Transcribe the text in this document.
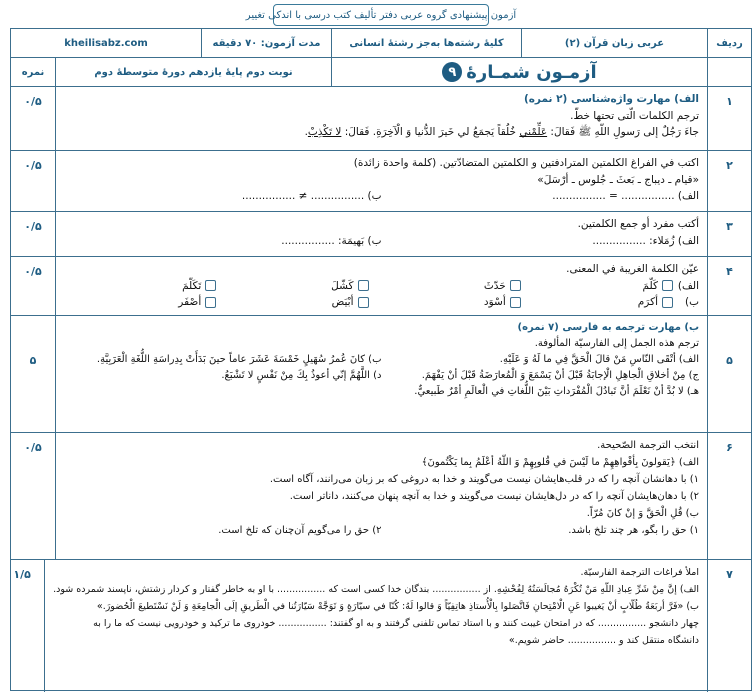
آزمون پیشنهادی گروه عربی دفتر تألیف کتب درسی با اندکی تغییر
ردیف
عربی زبان قرآن (۲)
کلیهٔ رشته‌ها به‌جز رشتهٔ انسانی
مدت آزمون: ۷۰ دقیقه
kheilisabz.com
آزمـون شمـارهٔ
۹
نوبت دوم پایهٔ یازدهم دورهٔ متوسطهٔ دوم
نمره
۱
الف) مهارت واژه‌شناسی (۲ نمره)
ترجم الکلمات الّتی تحتها خطّ.
جاءَ رَجُلٌ إلى رَسولِ اللّهِ ﷺ فَقالَ: عَلِّمْني خُلُقاً يَجمَعُ لي خَيرَ الدُّنيا وَ الْآخِرَةِ. فَقالَ: لا تَكْذِبْ.
۰/۵
۲
اکتب في الفراغ الکلمتین المترادفتین و الکلمتین المتضادّتین. (کلمة واحدة زائدة)
«قیام ـ دیباج ـ بَعثَ ـ جُلوس ـ أرْسَلَ»
الف) ................ = ................
ب) ................ ≠ ................
۰/۵
۳
أکتب مفرد أو جمع الکلمتین.
الف) زُمَلاء: ................
ب) بَهیمَة: ................
۰/۵
۴
عیّن الکلمة الغریبة في المعنی.
الف)
كَلّمَ
حَدّثَ
كَشّلَ
تَكَلّمَ
ب)
أكرَم
أسْوَد
أبْيَض
أصْفَر
۰/۵
۵
ب) مهارت ترجمه به فارسی (۷ نمره)
ترجم هذه الجمل إلی الفارسیّة المألوفة.
الف) أتْقَى النّاسِ مَنْ قالَ الْحَقَّ فِي ما لَهُ وَ عَلَيْهِ.
ب) كانَ عُمرُ سُهَيلٍ خَمْسَةَ عَشَرَ عاماً حينَ بَدَأَتْ بِدِراسَةِ اللُّغَةِ الْعَرَبِيَّةِ.
ج) مِنْ أخلاقِ الْجاهِلِ الْإجابَةُ قَبْلَ أنْ يَسْمَعَ وَ الْمُعارَضَةُ قَبْلَ أنْ يَفْهَمَ.
د) اللَّهُمَّ إنّي أعوذُ بِكَ مِنْ نَفْسٍ لا تَشْبَعُ.
هـ) لا بُدَّ أنْ نَعْلَمَ أنَّ تَبادُلَ الْمُفْرَداتِ بَيْنَ اللُّغاتِ في الْعالَمِ أمْرٌ طَبيعيٌّ.
۵
۶
انتخب الترجمة الصّحیحة.
الف) ﴿يَقولونَ بِأفْواهِهِمْ ما لَيْسَ في قُلوبِهِمْ وَ اللّهُ أعْلَمُ بِما يَكْتُمونَ﴾
۱) با دهانشان آنچه را که در قلب‌هایشان نیست می‌گویند و خدا به دروغی که بر زبان می‌رانند، آگاه است.
۲) با دهان‌هایشان آنچه را که در دل‌هایشان نیست می‌گویند و خدا به آنچه پنهان می‌کنند، داناتر است.
ب) قُلِ الْحَقَّ وَ إنْ كانَ مُرّاً.
۱) حق را بگو، هر چند تلخ باشد.
۲) حق را می‌گویم آن‌چنان که تلخ است.
۰/۵
۷
املأ فراغات الترجمة الفارسیّة.
الف) إنَّ مِنْ شَرِّ عِبادِ اللّهِ مَنْ تُكْرَهُ مُجالَسَتُهُ لِفُحْشِهِ. از ................ بندگان خدا کسی است که ................ با او به خاطر گفتار و کردار زشتش، ناپسند شمرده شود.
ب) «فَرَّ أربَعَةُ طُلّابٍ أنْ يَغيبوا عَنِ الْامْتِحانِ فَاتَّصَلوا بِالْأُستاذِ هاتِفِيّاً وَ قالوا لَهُ: كُنّا في سيّارَةٍ وَ تَوَجَّهْ سَيّارَتُنا في الْطَريقِ إلَى الْجامِعَةِ وَ لَنْ نَسْتَطيعَ الْحُضورَ.»
چهار دانشجو ................ که در امتحان غیبت کنند و با استاد تماس تلفنی گرفتند و به او گفتند: ................ خودروی ما ترکید و خودرویی نیست که ما را به
دانشگاه منتقل کند و ................ حاضر شویم.»
۱/۵
